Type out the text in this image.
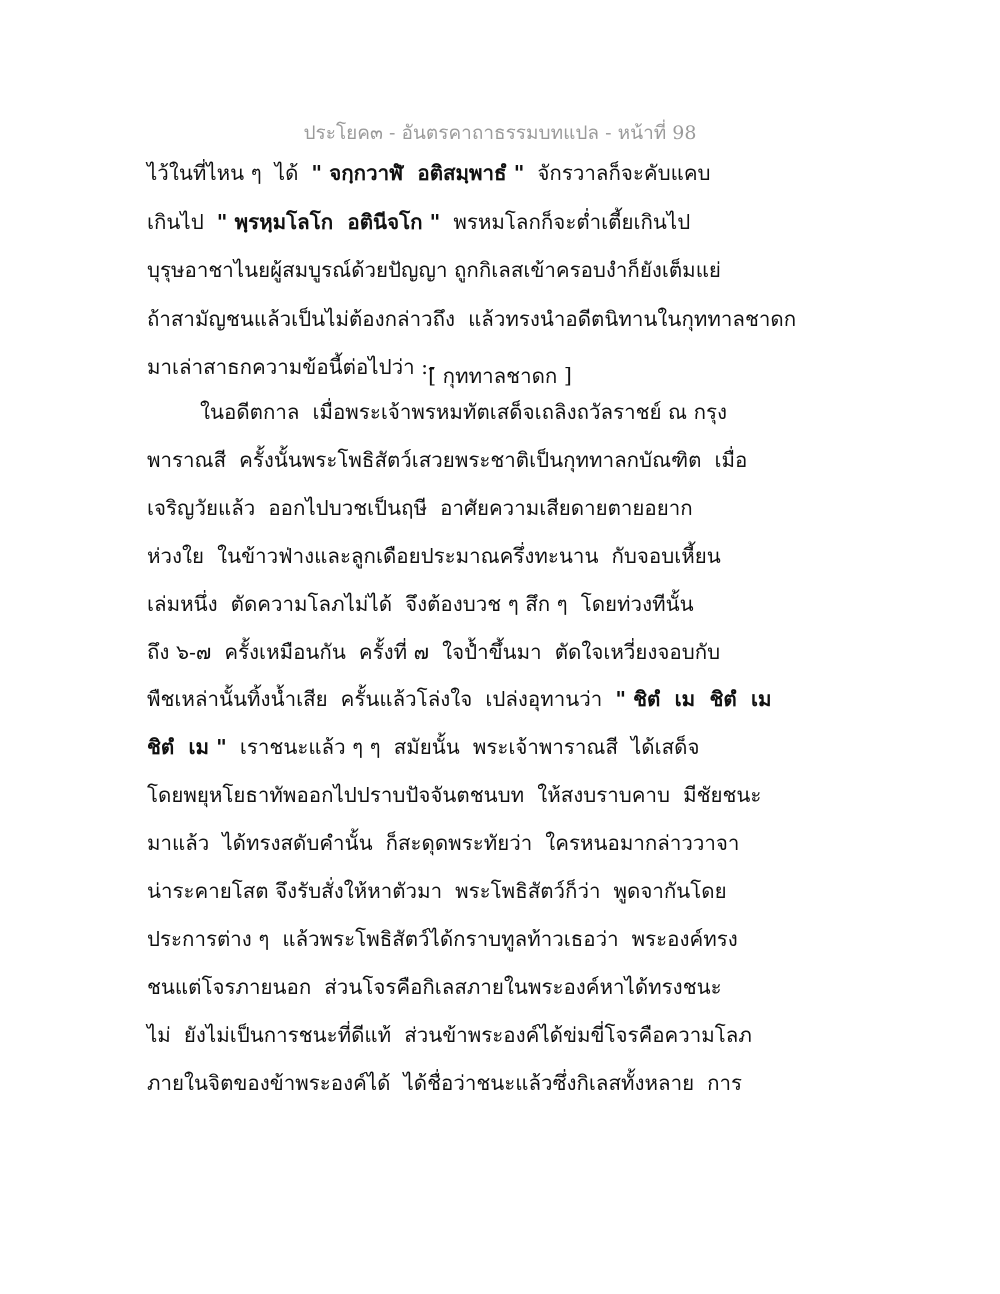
ประโยค๓ - อันตรคาถาธรรมบทแปล - หน้าที่ 98
ไว้ในที่ไหน ๆ  ได้  " จกฺกวาฬํ  อติสมฺพาธํ "  จักรวาลก็จะคับแคบ
เกินไป  " พฺรหฺมโลโก  อตินีจโก "  พรหมโลกก็จะต่ำเตี้ยเกินไป
บุรุษอาชาไนยผู้สมบูรณ์ด้วยปัญญา ถูกกิเลสเข้าครอบงำก็ยังเต็มแย่
ถ้าสามัญชนแล้วเป็นไม่ต้องกล่าวถึง  แล้วทรงนำอดีตนิทานในกุททาลชาดก
มาเล่าสาธกความข้อนี้ต่อไปว่า :-
[ กุททาลชาดก ]
ในอดีตกาล  เมื่อพระเจ้าพรหมทัตเสด็จเถลิงถวัลราชย์ ณ กรุง
พาราณสี  ครั้งนั้นพระโพธิสัตว์เสวยพระชาติเป็นกุททาลกบัณฑิต  เมื่อ
เจริญวัยแล้ว  ออกไปบวชเป็นฤษี  อาศัยความเสียดายตายอยาก
ห่วงใย  ในข้าวฟ่างและลูกเดือยประมาณครึ่งทะนาน  กับจอบเหี้ยน
เล่มหนึ่ง  ตัดความโลภไม่ได้  จึงต้องบวช ๆ สึก ๆ  โดยท่วงทีนั้น
ถึง ๖-๗  ครั้งเหมือนกัน  ครั้งที่ ๗  ใจป้ำขึ้นมา  ตัดใจเหวี่ยงจอบกับ
พืชเหล่านั้นทิ้งน้ำเสีย  ครั้นแล้วโล่งใจ  เปล่งอุทานว่า  " ชิตํ  เม  ชิตํ  เม
ชิตํ  เม "  เราชนะแล้ว ๆ ๆ  สมัยนั้น  พระเจ้าพาราณสี  ได้เสด็จ
โดยพยุหโยธาทัพออกไปปราบปัจจันตชนบท  ให้สงบราบคาบ  มีชัยชนะ
มาแล้ว  ได้ทรงสดับคำนั้น  ก็สะดุดพระทัยว่า  ใครหนอมากล่าววาจา
น่าระคายโสต จึงรับสั่งให้หาตัวมา  พระโพธิสัตว์ก็ว่า  พูดจากันโดย
ประการต่าง ๆ  แล้วพระโพธิสัตว์ได้กราบทูลท้าวเธอว่า  พระองค์ทรง
ชนแต่โจรภายนอก  ส่วนโจรคือกิเลสภายในพระองค์หาได้ทรงชนะ
ไม่  ยังไม่เป็นการชนะที่ดีแท้  ส่วนข้าพระองค์ได้ข่มขี่โจรคือความโลภ
ภายในจิตของข้าพระองค์ได้  ได้ชื่อว่าชนะแล้วซึ่งกิเลสทั้งหลาย  การ
